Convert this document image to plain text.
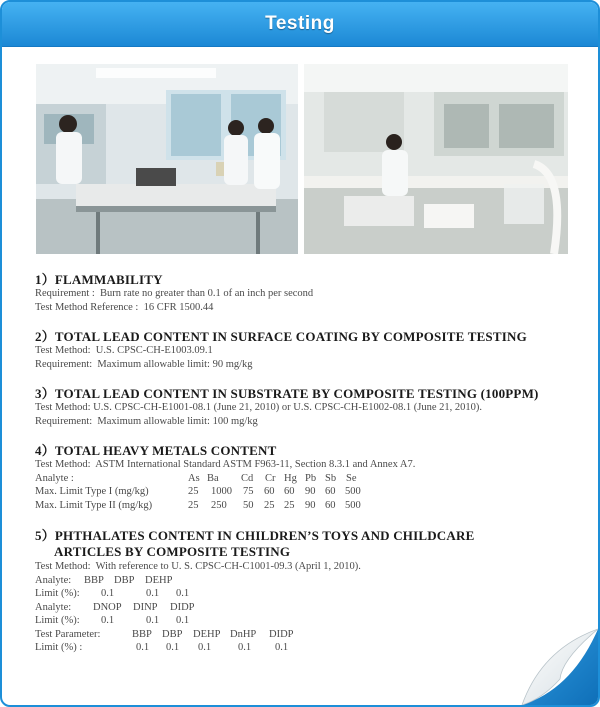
Testing
1）FLAMMABILITY
Requirement :  Burn rate no greater than 0.1 of an inch per second
Test Method Reference :  16 CFR 1500.44
2）TOTAL LEAD CONTENT IN SURFACE COATING BY COMPOSITE TESTING
Test Method:  U.S. CPSC-CH-E1003.09.1
Requirement:  Maximum allowable limit: 90 mg/kg
3）TOTAL LEAD CONTENT IN SUBSTRATE BY COMPOSITE TESTING (100PPM)
Test Method: U.S. CPSC-CH-E1001-08.1 (June 21, 2010) or U.S. CPSC-CH-E1002-08.1 (June 21, 2010).
Requirement:  Maximum allowable limit: 100 mg/kg
4）TOTAL HEAVY METALS CONTENT
Test Method:  ASTM International Standard ASTM F963-11, Section 8.3.1 and Annex A7.
Analyte :	As Ba Cd Cr Hg Pb Sb Se
Max. Limit Type I (mg/kg)	25 1000 75 60 60 90 60 500
Max. Limit Type II (mg/kg)	25 250 50 25 25 90 60 500
5）PHTHALATES CONTENT IN CHILDREN’S TOYS AND CHILDCARE
ARTICLES BY COMPOSITE TESTING
Test Method:  With reference to U. S. CPSC-CH-C1001-09.3 (April 1, 2010).
Analyte: BBP DBP DEHP
Limit (%): 0.1	0.1 0.1
Analyte: DNOP DINP DIDP
Limit (%): 0.1	0.1 0.1
Test Parameter:	BBP DBP DEHP DnHP DIDP
Limit (%) :	0.1 0.1 0.1	0.1 0.1
